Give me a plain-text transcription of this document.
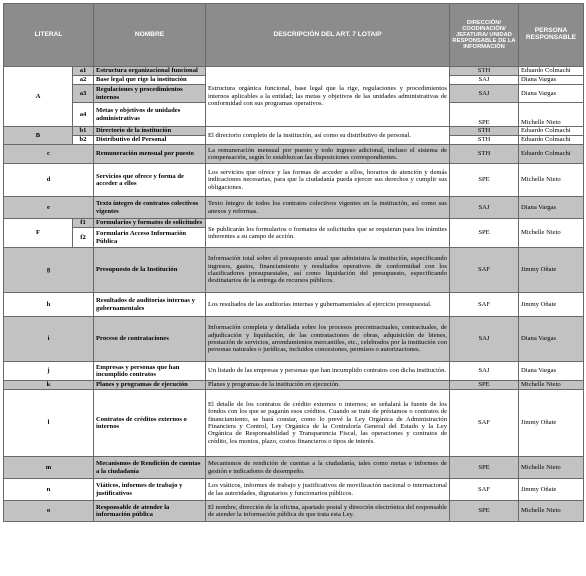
LITERAL		NOMBRE	DESCRIPCIÓN DEL ART. 7 LOTAIP	DIRECCIÓN/ COODINACIÓN/ JEFATURA/ UNIDAD RESPONSABLE DE LA INFORMACIÓN	PERSONA RESPONSABLE
A	a1	Estructura organizacional funcional	Estructura orgánica funcional, base legal que la rige, regulaciones y procedimientos internos aplicables a la entidad; las metas y objetivos de las unidades administrativas de conformidad con sus programas operativos.	STH	Eduardo Colmachi
	a2	Base legal que rige la institución		SAJ	Diana Vargas
	a3	Regulaciones y procedimientos internos		SAJ	Diana Vargas
	a4	Metas y objetivos de unidades administrativas		SPE	Michelle Nieto
B	b1	Directorio de la institución	El directorio completo de la institución, así como su distributivo de personal.	STH	Eduardo Colmachi
	b2	Distributivo del Personal		STH	Eduardo Colmachi
c		Remuneración mensual por puesto	La remuneración mensual por puesto y todo ingreso adicional, incluso el sistema de compensación, según lo establezcan las disposiciones correspondientes.	STH	Eduardo Colmachi
d		Servicios que ofrece y forma de acceder a ellos	Los servicios que ofrece y las formas de acceder a ellos, horarios de atención y demás indicaciones necesarias, para que la ciudadanía pueda ejercer sus derechos y cumplir sus obligaciones.	SPE	Michelle Nieto
e		Texto íntegro de contratos colectivos vigentes	Texto íntegro de todos los contratos colectivos vigentes en la institución, así como sus anexos y reformas.	SAJ	Diana Vargas
F	f1	Formularios y formatos de solicitudes	Se publicarán los formularios o formatos de solicitudes que se requieran para los trámites inherentes a su campo de acción.	SPE	Michelle Nieto
	f2	Formulario Acceso Información Pública			
g		Presupuesto de la Institución	Información total sobre el presupuesto anual que administra la institución, especificando ingresos, gastos, financiamiento y resultados operativos de conformidad con los clasificadores presupuestales, así como liquidación del presupuesto, especificando destinatarios de la entrega de recursos públicos.	SAF	Jimmy Oñate
h		Resultados de auditorías internas y gubernamentales	Los resultados de las auditorías internas y gubernamentales al ejercicio presupuestal.	SAF	Jimmy Oñate
i		Proceso de contrataciones	Información completa y detallada sobre los procesos precontractuales, contractuales, de adjudicación y liquidación, de las contrataciones de obras, adquisición de bienes, prestación de servicios, arrendamientos mercantiles, etc., celebrados por la institución con personas naturales o jurídicas, incluidos concesiones, permisos o autorizaciones.	SAJ	Diana Vargas
j		Empresas y personas que han incumplido contratos	Un listado de las empresas y personas que han incumplido contratos con dicha institución.	SAJ	Diana Vargas
k		Planes y programas de ejecución	Planes y programas de la institución en ejecución.	SPE	Michelle Nieto
l		Contratos de créditos externos o internos	El detalle de los contratos de crédito externos o internos; se señalará la fuente de los fondos con los que se pagarán esos créditos. Cuando se trate de préstamos o contratos de financiamiento, se hará constar, como lo prevé la Ley Orgánica de Administración Financiera y Control, Ley Orgánica de la Contraloría General del Estado y la Ley Orgánica de Responsabilidad y Transparencia Fiscal, las operaciones y contratos de crédito, los montos, plazo, costos financieros o tipos de interés.	SAF	Jimmy Oñate
m		Mecanismos de Rendición de cuentas a la ciudadanía	Mecanismos de rendición de cuentas a la ciudadanía, tales como metas e informes de gestión e indicadores de desempeño.	SPE	Michelle Nieto
n		Viáticos, informes de trabajo y justificativos	Los viáticos, informes de trabajo y justificativos de movilización nacional o internacional de las autoridades, dignatarios y funcionarios públicos.	SAF	Jimmy Oñate
o		Responsable de atender la información pública	El nombre, dirección de la oficina, apartado postal y dirección electrónica del responsable de atender la información pública de que trata esta Ley.	SPE	Michelle Nieto
